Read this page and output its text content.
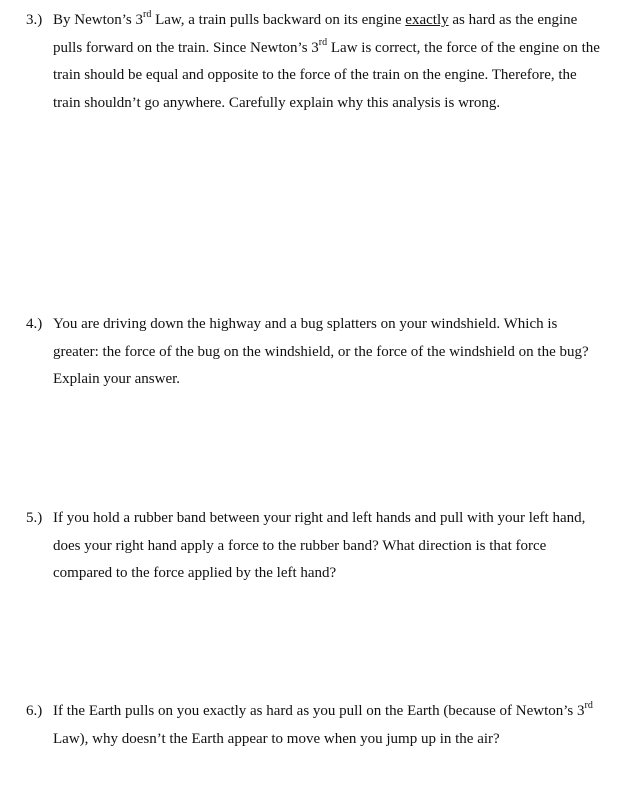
3.) By Newton’s 3rd Law, a train pulls backward on its engine exactly as hard as the engine pulls forward on the train. Since Newton’s 3rd Law is correct, the force of the engine on the train should be equal and opposite to the force of the train on the engine. Therefore, the train shouldn’t go anywhere. Carefully explain why this analysis is wrong.
4.) You are driving down the highway and a bug splatters on your windshield. Which is greater: the force of the bug on the windshield, or the force of the windshield on the bug? Explain your answer.
5.) If you hold a rubber band between your right and left hands and pull with your left hand, does your right hand apply a force to the rubber band? What direction is that force compared to the force applied by the left hand?
6.) If the Earth pulls on you exactly as hard as you pull on the Earth (because of Newton’s 3rd Law), why doesn’t the Earth appear to move when you jump up in the air?
